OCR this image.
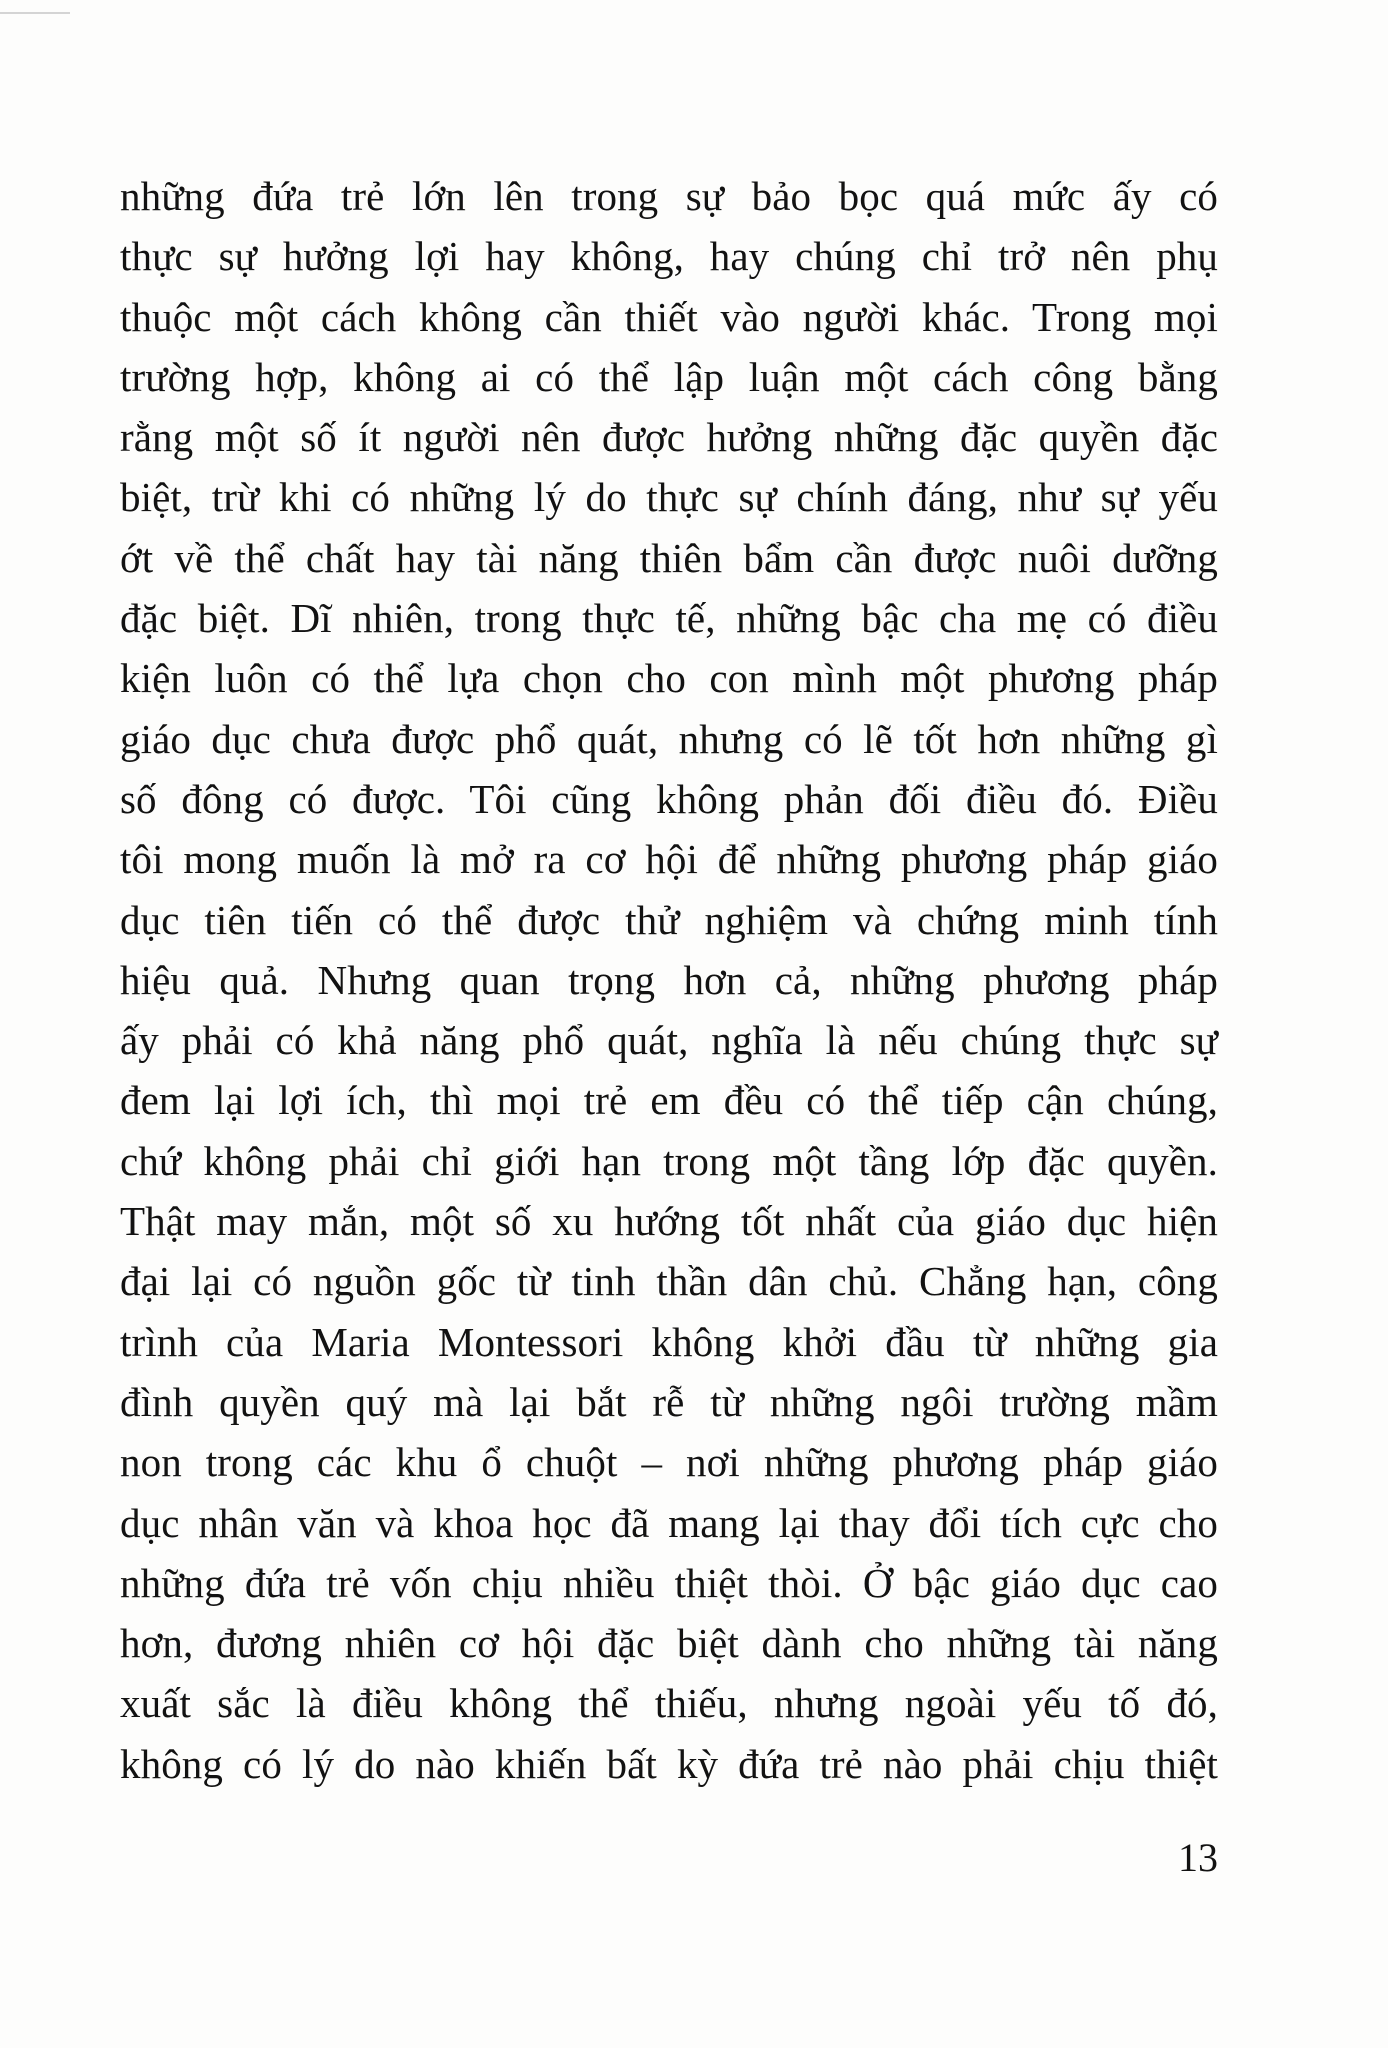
những đứa trẻ lớn lên trong sự bảo bọc quá mức ấy có
thực sự hưởng lợi hay không, hay chúng chỉ trở nên phụ
thuộc một cách không cần thiết vào người khác. Trong mọi
trường hợp, không ai có thể lập luận một cách công bằng
rằng một số ít người nên được hưởng những đặc quyền đặc
biệt, trừ khi có những lý do thực sự chính đáng, như sự yếu
ớt về thể chất hay tài năng thiên bẩm cần được nuôi dưỡng
đặc biệt. Dĩ nhiên, trong thực tế, những bậc cha mẹ có điều
kiện luôn có thể lựa chọn cho con mình một phương pháp
giáo dục chưa được phổ quát, nhưng có lẽ tốt hơn những gì
số đông có được. Tôi cũng không phản đối điều đó. Điều
tôi mong muốn là mở ra cơ hội để những phương pháp giáo
dục tiên tiến có thể được thử nghiệm và chứng minh tính
hiệu quả. Nhưng quan trọng hơn cả, những phương pháp
ấy phải có khả năng phổ quát, nghĩa là nếu chúng thực sự
đem lại lợi ích, thì mọi trẻ em đều có thể tiếp cận chúng,
chứ không phải chỉ giới hạn trong một tầng lớp đặc quyền.
Thật may mắn, một số xu hướng tốt nhất của giáo dục hiện
đại lại có nguồn gốc từ tinh thần dân chủ. Chẳng hạn, công
trình của Maria Montessori không khởi đầu từ những gia
đình quyền quý mà lại bắt rễ từ những ngôi trường mầm
non trong các khu ổ chuột – nơi những phương pháp giáo
dục nhân văn và khoa học đã mang lại thay đổi tích cực cho
những đứa trẻ vốn chịu nhiều thiệt thòi. Ở bậc giáo dục cao
hơn, đương nhiên cơ hội đặc biệt dành cho những tài năng
xuất sắc là điều không thể thiếu, nhưng ngoài yếu tố đó,
không có lý do nào khiến bất kỳ đứa trẻ nào phải chịu thiệt
13
